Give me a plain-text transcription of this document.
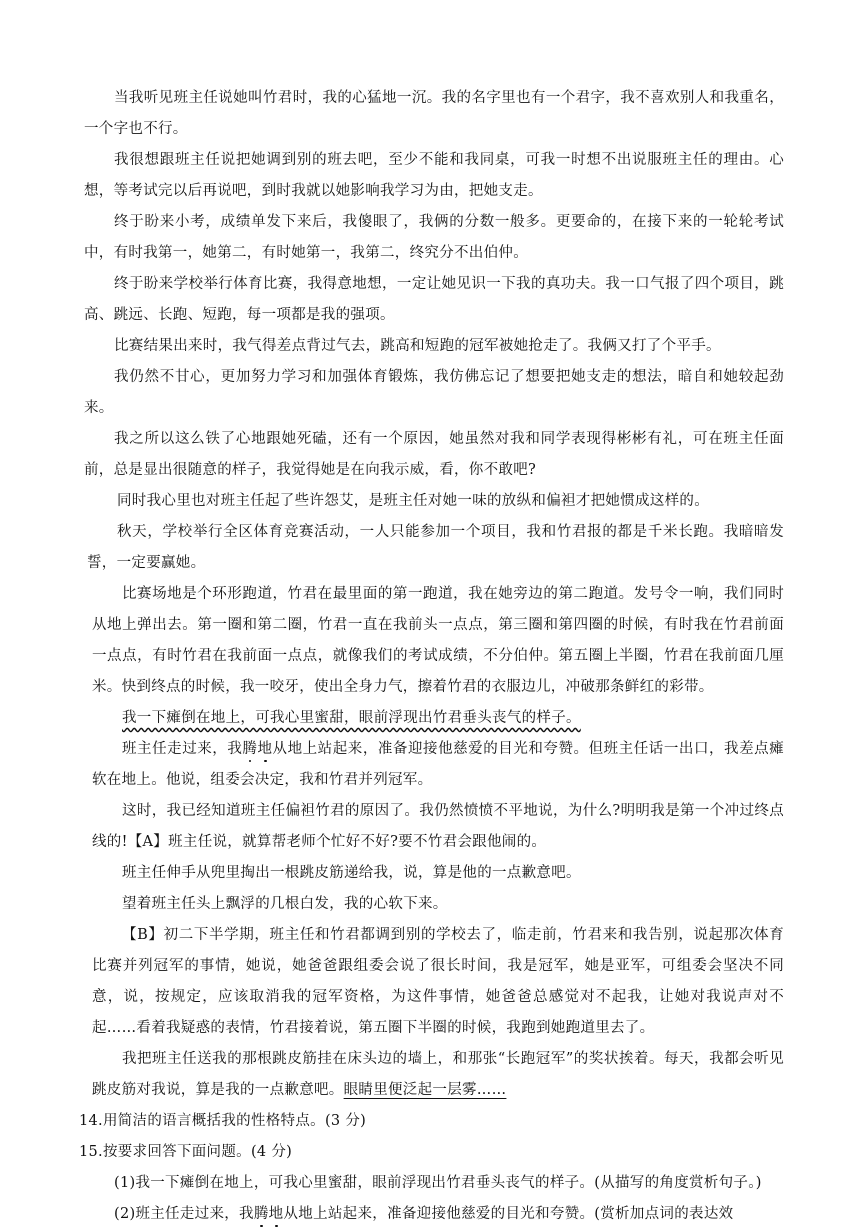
当我听见班主任说她叫竹君时，我的心猛地一沉。我的名字里也有一个君字，我不喜欢别人和我重名，一个字也不行。

我很想跟班主任说把她调到别的班去吧，至少不能和我同桌，可我一时想不出说服班主任的理由。心想，等考试完以后再说吧，到时我就以她影响我学习为由，把她支走。

终于盼来小考，成绩单发下来后，我傻眼了，我俩的分数一般多。更要命的，在接下来的一轮轮考试中，有时我第一，她第二，有时她第一，我第二，终究分不出伯仲。

终于盼来学校举行体育比赛，我得意地想，一定让她见识一下我的真功夫。我一口气报了四个项目，跳高、跳远、长跑、短跑，每一项都是我的强项。

比赛结果出来时，我气得差点背过气去，跳高和短跑的冠军被她抢走了。我俩又打了个平手。

我仍然不甘心，更加努力学习和加强体育锻炼，我仿佛忘记了想要把她支走的想法，暗自和她较起劲来。

我之所以这么铁了心地跟她死磕，还有一个原因，她虽然对我和同学表现得彬彬有礼，可在班主任面前，总是显出很随意的样子，我觉得她是在向我示威，看，你不敢吧?

同时我心里也对班主任起了些许怨艾，是班主任对她一味的放纵和偏袒才把她惯成这样的。

秋天，学校举行全区体育竞赛活动，一人只能参加一个项目，我和竹君报的都是千米长跑。我暗暗发誓，一定要赢她。

比赛场地是个环形跑道，竹君在最里面的第一跑道，我在她旁边的第二跑道。发号令一响，我们同时从地上弹出去。第一圈和第二圈，竹君一直在我前头一点点，第三圈和第四圈的时候，有时我在竹君前面一点点，有时竹君在我前面一点点，就像我们的考试成绩，不分伯仲。第五圈上半圈，竹君在我前面几厘米。快到终点的时候，我一咬牙，使出全身力气，擦着竹君的衣服边儿，冲破那条鲜红的彩带。

我一下瘫倒在地上，可我心里蜜甜，眼前浮现出竹君垂头丧气的样子。

班主任走过来，我腾地从地上站起来，准备迎接他慈爱的目光和夸赞。但班主任话一出口，我差点瘫软在地上。他说，组委会决定，我和竹君并列冠军。

这时，我已经知道班主任偏袒竹君的原因了。我仍然愤愤不平地说，为什么?明明我是第一个冲过终点线的!【A】班主任说，就算帮老师个忙好不好?要不竹君会跟他闹的。

班主任伸手从兜里掏出一根跳皮筋递给我，说，算是他的一点歉意吧。

望着班主任头上飘浮的几根白发，我的心软下来。

【B】初二下半学期，班主任和竹君都调到别的学校去了，临走前，竹君来和我告别，说起那次体育比赛并列冠军的事情，她说，她爸爸跟组委会说了很长时间，我是冠军，她是亚军，可组委会坚决不同意，说，按规定，应该取消我的冠军资格，为这件事情，她爸爸总感觉对不起我，让她对我说声对不起……看着我疑惑的表情，竹君接着说，第五圈下半圈的时候，我跑到她跑道里去了。

我把班主任送我的那根跳皮筋挂在床头边的墙上，和那张“长跑冠军”的奖状挨着。每天，我都会听见跳皮筋对我说，算是我的一点歉意吧。眼睛里便泛起一层雾……

14.用简洁的语言概括我的性格特点。(3 分)

15.按要求回答下面问题。(4 分)

(1)我一下瘫倒在地上，可我心里蜜甜，眼前浮现出竹君垂头丧气的样子。(从描写的角度赏析句子。)

(2)班主任走过来，我腾地从地上站起来，准备迎接他慈爱的目光和夸赞。(赏析加点词的表达效
